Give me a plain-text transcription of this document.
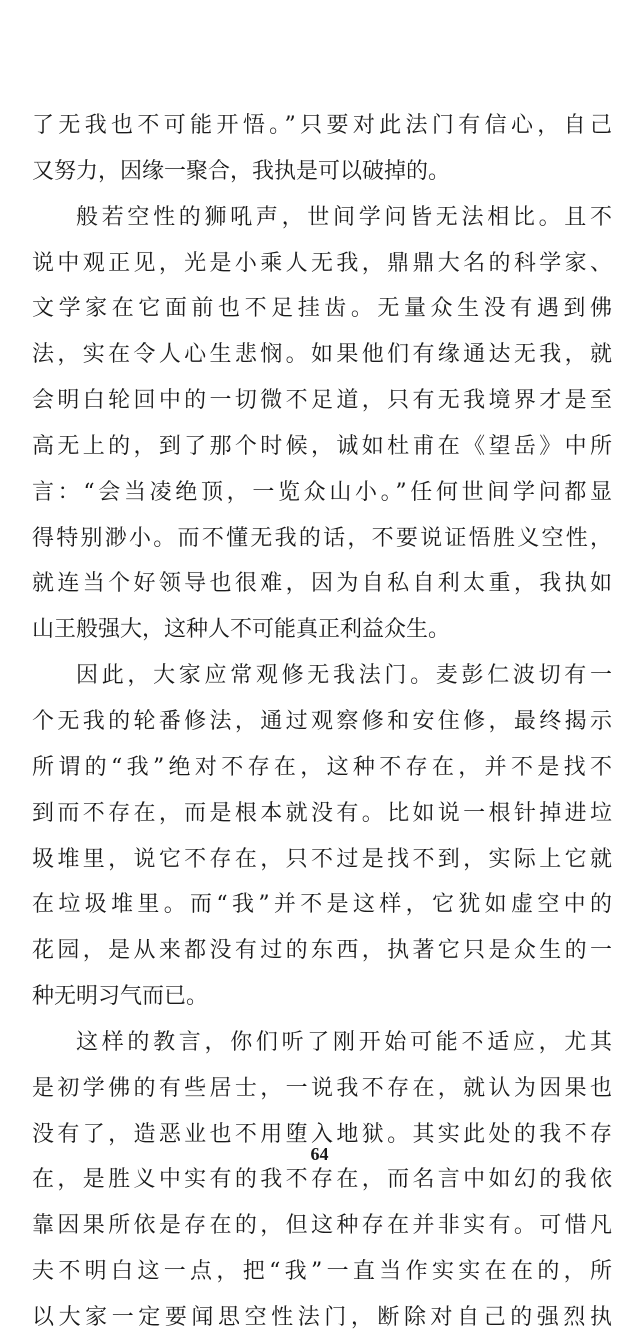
了无我也不可能开悟。”只要对此法门有信心，自己
又努力，因缘一聚合，我执是可以破掉的。
般若空性的狮吼声，世间学问皆无法相比。且不
说中观正见，光是小乘人无我，鼎鼎大名的科学家、
文学家在它面前也不足挂齿。无量众生没有遇到佛
法，实在令人心生悲悯。如果他们有缘通达无我，就
会明白轮回中的一切微不足道，只有无我境界才是至
高无上的，到了那个时候，诚如杜甫在《望岳》中所
言：“会当凌绝顶，一览众山小。”任何世间学问都显
得特别渺小。而不懂无我的话，不要说证悟胜义空性，
就连当个好领导也很难，因为自私自利太重，我执如
山王般强大，这种人不可能真正利益众生。
因此，大家应常观修无我法门。麦彭仁波切有一
个无我的轮番修法，通过观察修和安住修，最终揭示
所谓的“我”绝对不存在，这种不存在，并不是找不
到而不存在，而是根本就没有。比如说一根针掉进垃
圾堆里，说它不存在，只不过是找不到，实际上它就
在垃圾堆里。而“我”并不是这样，它犹如虚空中的
花园，是从来都没有过的东西，执著它只是众生的一
种无明习气而已。
这样的教言，你们听了刚开始可能不适应，尤其
是初学佛的有些居士，一说我不存在，就认为因果也
没有了，造恶业也不用堕入地狱。其实此处的我不存
在，是胜义中实有的我不存在，而名言中如幻的我依
靠因果所依是存在的，但这种存在并非实有。可惜凡
夫不明白这一点，把“我”一直当作实实在在的，所
以大家一定要闻思空性法门，断除对自己的强烈执
64
